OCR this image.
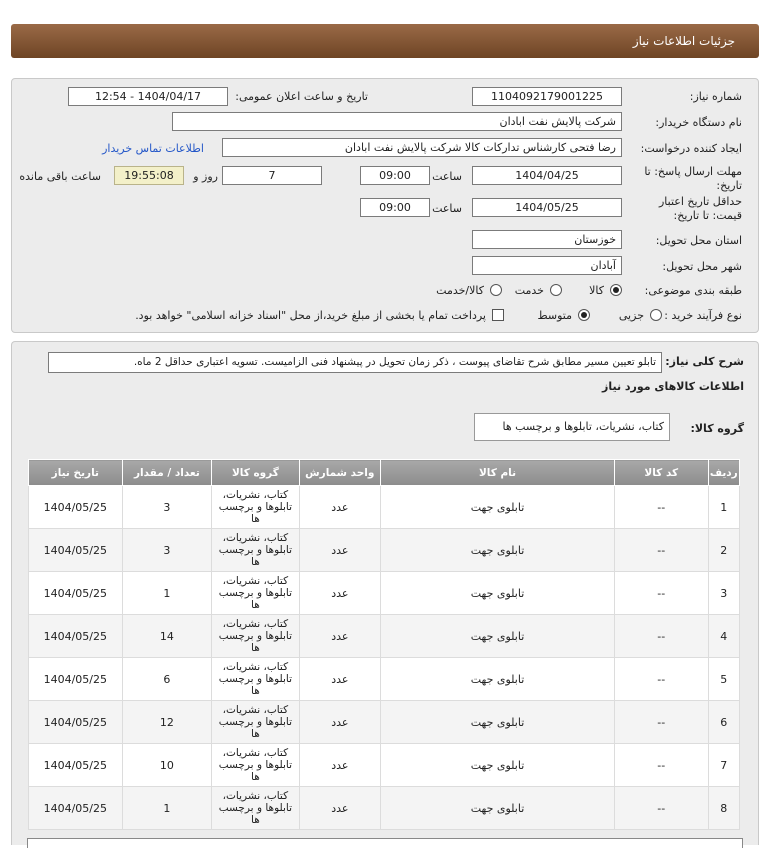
جزئیات اطلاعات نیاز
شماره نیاز:
1104092179001225
تاریخ و ساعت اعلان عمومی:
1404/04/17 - 12:54
نام دستگاه خریدار:
شرکت پالایش نفت ابادان
ایجاد کننده درخواست:
رضا فتحی کارشناس تدارکات کالا شرکت پالایش نفت ابادان
اطلاعات تماس خریدار
مهلت ارسال پاسخ: تا
تاریخ:
1404/04/25
ساعت
09:00
7
روز و
19:55:08
ساعت باقی مانده
حداقل تاریخ اعتبار
قیمت: تا تاریخ:
1404/05/25
ساعت
09:00
استان محل تحویل:
خوزستان
شهر محل تحویل:
آبادان
طبقه بندی موضوعی:
کالا
خدمت
کالا/خدمت
نوع فرآیند خرید :
جزیی
متوسط
پرداخت تمام یا بخشی از مبلغ خرید،از محل "اسناد خزانه اسلامی" خواهد بود.
شرح کلی نیاز:
تابلو تعیین مسیر مطابق شرح تقاضای پیوست ، ذکر زمان تحویل در پیشنهاد فنی الزامیست. تسویه اعتباری حداقل 2 ماه.
اطلاعات کالاهای مورد نیاز
گروه کالا:
کتاب، نشریات، تابلوها و برچسب ها
ردیف	کد کالا	نام کالا	واحد شمارش	گروه کالا	تعداد / مقدار	تاریخ نیاز
1	--	تابلوی جهت	عدد	کتاب، نشریات، تابلوها و برچسب ها	3	1404/05/25
2	--	تابلوی جهت	عدد	کتاب، نشریات، تابلوها و برچسب ها	3	1404/05/25
3	--	تابلوی جهت	عدد	کتاب، نشریات، تابلوها و برچسب ها	1	1404/05/25
4	--	تابلوی جهت	عدد	کتاب، نشریات، تابلوها و برچسب ها	14	1404/05/25
5	--	تابلوی جهت	عدد	کتاب، نشریات، تابلوها و برچسب ها	6	1404/05/25
6	--	تابلوی جهت	عدد	کتاب، نشریات، تابلوها و برچسب ها	12	1404/05/25
7	--	تابلوی جهت	عدد	کتاب، نشریات، تابلوها و برچسب ها	10	1404/05/25
8	--	تابلوی جهت	عدد	کتاب، نشریات، تابلوها و برچسب ها	1	1404/05/25
